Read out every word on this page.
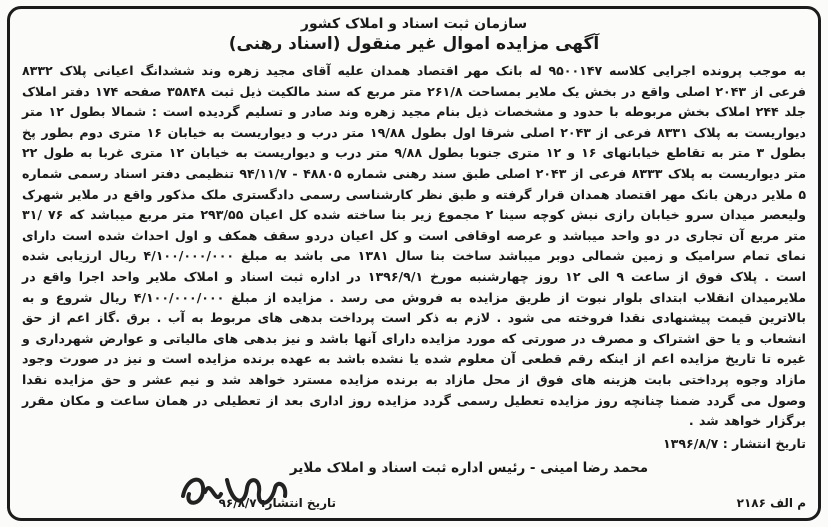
سازمان ثبت اسناد و املاک کشور
آگهی مزایده اموال غیر منقول (اسناد رهنی)
به موجب پرونده اجرایی کلاسه ۹۵۰۰۱۴۷ له بانک مهر اقتصاد همدان علیه آقای مجید زهره وند ششدانگ اعیانی پلاک ۸۳۳۲ فرعی از ۲۰۴۳ اصلی واقع در بخش یک ملایر بمساحت ۲۶۱/۸ متر مربع که سند مالکیت ذیل ثبت ۳۵۸۴۸ صفحه ۱۷۴ دفتر املاک جلد ۲۴۴ املاک بخش مربوطه با حدود و مشخصات ذیل بنام مجید زهره وند صادر و تسلیم گردیده است : شمالا بطول ۱۲ متر دیواریست به پلاک ۸۳۳۱ فرعی از ۲۰۴۳ اصلی شرقا اول بطول ۱۹/۸۸ متر درب و دیواریست به خیابان ۱۶ متری دوم بطور پخ بطول ۳ متر به تقاطع خیابانهای ۱۶ و ۱۲ متری جنوبا بطول ۹/۸۸ متر درب و دیواریست به خیابان ۱۲ متری غربا به طول ۲۲ متر دیواریست به پلاک ۸۳۳۳ فرعی از ۲۰۴۳ اصلی طبق سند رهنی شماره ۴۸۸۰۵ - ۹۴/۱۱/۷ تنظیمی دفتر اسناد رسمی شماره ۵ ملایر درهن بانک مهر اقتصاد همدان قرار گرفته و طبق نظر کارشناسی رسمی دادگستری ملک مذکور واقع در ملایر شهرک ولیعصر میدان سرو خیابان رازی نبش کوچه سینا ۲ مجموع زیر بنا ساخته شده کل اعیان ۲۹۳/۵۵ متر مربع میباشد که ۷۶ /۳۱ متر مربع آن تجاری در دو واحد میباشد و عرصه اوقافی است و کل اعیان دردو سقف همکف و اول احداث شده است دارای نمای تمام سرامیک و زمین شمالی دوبر میباشد ساخت بنا سال ۱۳۸۱ می باشد به مبلغ ۴/۱۰۰/۰۰۰/۰۰۰ ریال ارزیابی شده است . پلاک فوق از ساعت ۹ الی ۱۲ روز چهارشنبه مورخ ۱۳۹۶/۹/۱ در اداره ثبت اسناد و املاک ملایر واحد اجرا واقع در ملایرمیدان انقلاب ابتدای بلوار نبوت از طریق مزایده به فروش می رسد . مزایده از مبلغ ۴/۱۰۰/۰۰۰/۰۰۰ ریال شروع و به بالاترین قیمت پیشنهادی نقدا فروخته می شود . لازم به ذکر است پرداخت بدهی های مربوط به آب . برق .گاز اعم از حق انشعاب و یا حق اشتراک و مصرف در صورتی که مورد مزایده دارای آنها باشد و نیز بدهی های مالیاتی و عوارض شهرداری و غیره تا تاریخ مزایده اعم از اینکه رقم قطعی آن معلوم شده یا نشده باشد به عهده برنده مزایده است و نیز در صورت وجود مازاد وجوه پرداختی بابت هزینه های فوق از محل مازاد به برنده مزایده مسترد خواهد شد و نیم عشر و حق مزایده نقدا وصول می گردد ضمنا چنانچه روز مزایده تعطیل رسمی گردد مزایده روز اداری بعد از تعطیلی در همان ساعت و مکان مقرر برگزار خواهد شد .
تاریخ انتشار : ۱۳۹۶/۸/۷
محمد رضا امینی - رئیس اداره ثبت اسناد و املاک ملایر
م الف ۲۱۸۶
تاریخ انتشار: ۹۶/۸/۷
